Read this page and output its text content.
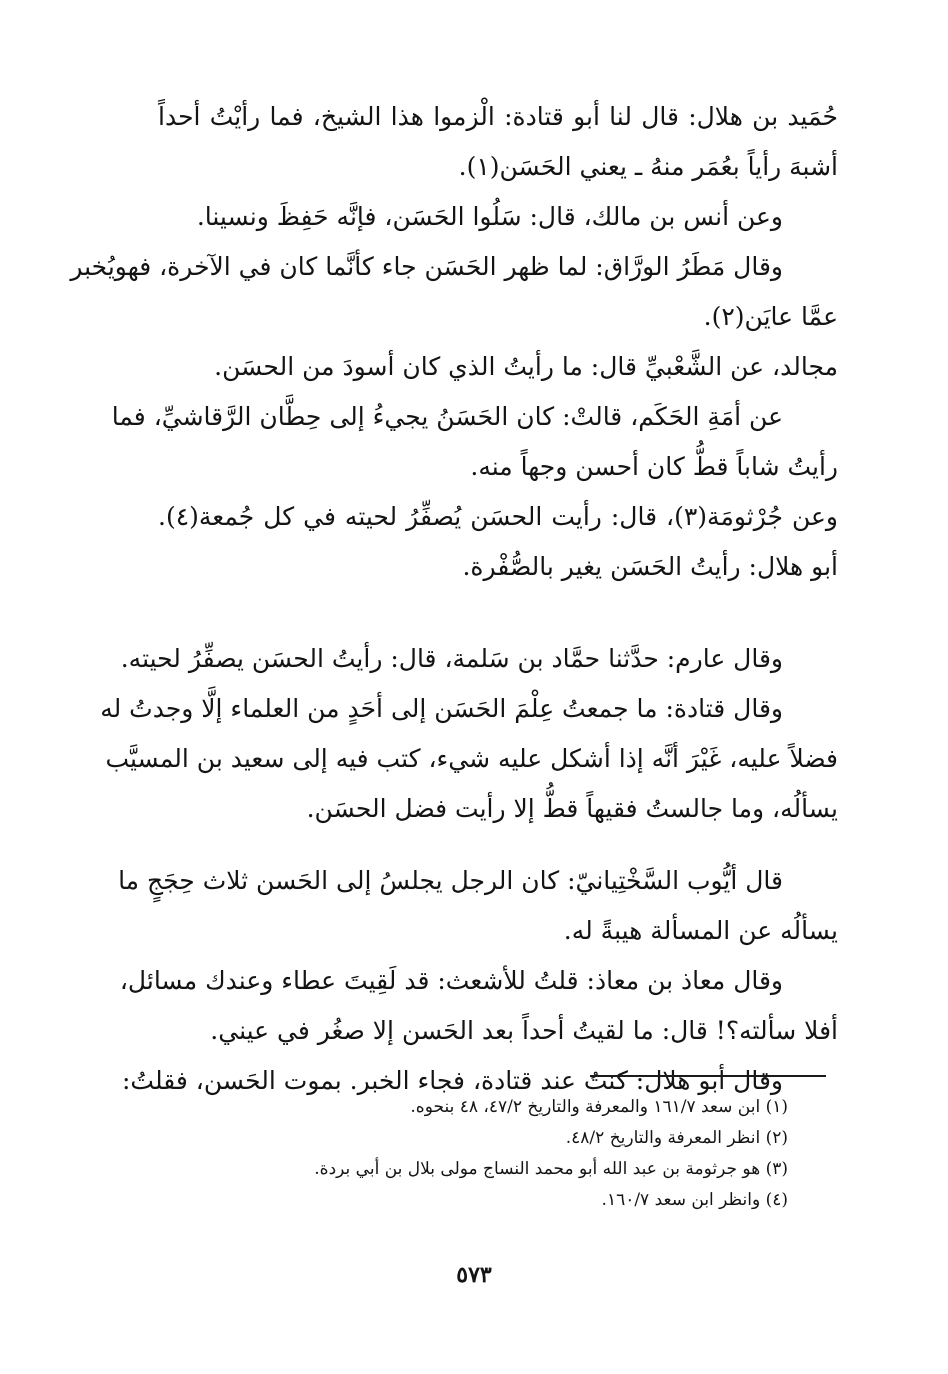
حُمَيد بن هلال: قال لنا أبو قتادة: الْزموا هذا الشيخ، فما رأيْتُ أحداً
أشبهَ رأياً بعُمَر منهُ ـ يعني الحَسَن(١).
وعن أنس بن مالك، قال: سَلُوا الحَسَن، فإنَّه حَفِظَ ونسينا.
وقال مَطَرُ الورَّاق: لما ظهر الحَسَن جاء كأنَّما كان في الآخرة، فهويُخبر
عمَّا عايَن(٢).
مجالد، عن الشَّعْبيِّ قال: ما رأيتُ الذي كان أسودَ من الحسَن.
عن أمَةِ الحَكَم، قالتْ: كان الحَسَنُ يجيءُ إلى حِطَّان الرَّقاشيِّ، فما
رأيتُ شاباً قطُّ كان أحسن وجهاً منه.
وعن جُرْثومَة(٣)، قال: رأيت الحسَن يُصفِّرُ لحيته في كل جُمعة(٤).
أبو هلال: رأيتُ الحَسَن يغير بالصُّفْرة.
وقال عارم: حدَّثنا حمَّاد بن سَلمة، قال: رأيتُ الحسَن يصفِّرُ لحيته.
وقال قتادة: ما جمعتُ عِلْمَ الحَسَن إلى أحَدٍ من العلماء إلَّا وجدتُ له
فضلاً عليه، غَيْرَ أنَّه إذا أشكل عليه شيء، كتب فيه إلى سعيد بن المسيَّب
يسألُه، وما جالستُ فقيهاً قطُّ إلا رأيت فضل الحسَن.
قال أيُّوب السَّخْتِيانيّ: كان الرجل يجلسُ إلى الحَسن ثلاث حِجَجٍ ما
يسألُه عن المسألة هيبةً له.
وقال معاذ بن معاذ: قلتُ للأشعث: قد لَقِيتَ عطاء وعندك مسائل،
أفلا سألته؟! قال: ما لقيتُ أحداً بعد الحَسن إلا صغُر في عيني.
وقال أبو هلال: كنتُ عند قتادة، فجاء الخبر. بموت الحَسن، فقلتُ:
(١) ابن سعد ١٦١/٧ والمعرفة والتاريخ ٤٧/٢، ٤٨ بنحوه.
(٢) انظر المعرفة والتاريخ ٤٨/٢.
(٣) هو جرثومة بن عبد الله أبو محمد النساج مولى بلال بن أبي بردة.
(٤) وانظر ابن سعد ١٦٠/٧.
٥٧٣
